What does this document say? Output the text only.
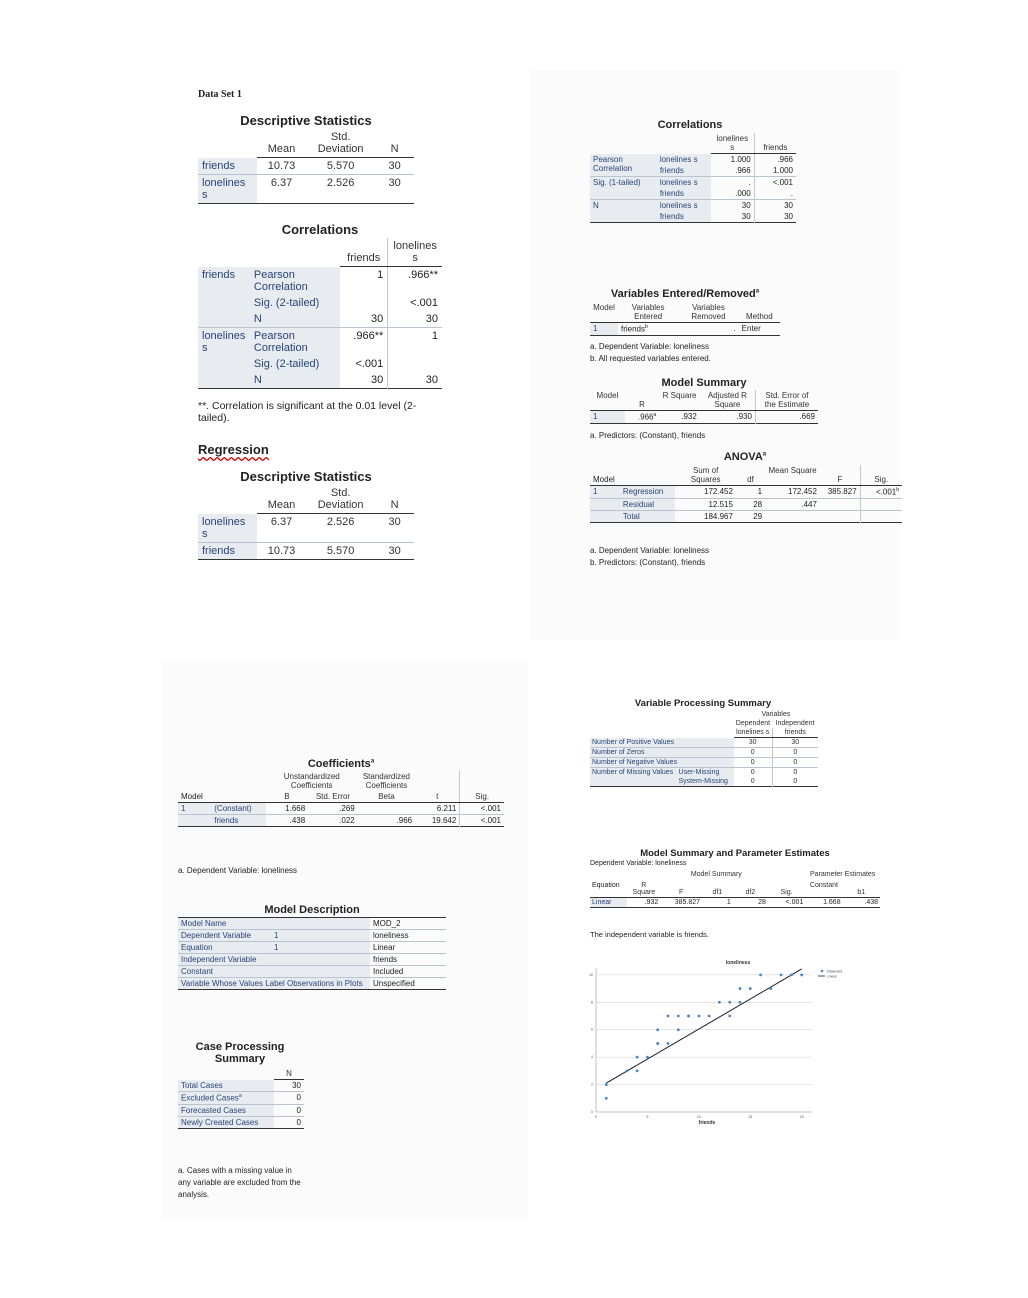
Data Set 1
Descriptive Statistics
	Mean	Std. Deviation	N
friends	10.73	5.570	30
lonelines s	6.37	2.526	30
Correlations
		friends	lonelines s
friends	Pearson Correlation	1	.966**
	Sig. (2-tailed)		<.001
	N	30	30
lonelines s	Pearson Correlation	.966**	1
	Sig. (2-tailed)	<.001	
	N	30	30
**. Correlation is significant at the 0.01 level (2-tailed).
Regression
Descriptive Statistics
	Mean	Std. Deviation	N
lonelines s	6.37	2.526	30
friends	10.73	5.570	30
Correlations
		lonelines s	friends
Pearson Correlation	lonelines s	1.000	.966
	friends	.966	1.000
Sig. (1-tailed)	lonelines s	.	<.001
	friends	.000	.
N	lonelines s	30	30
	friends	30	30
Variables Entered/Removed$^a$
Model	Variables Entered	Variables Removed	Method
1	friends$^b$	.	Enter
a. Dependent Variable: loneliness
b. All requested variables entered.
Model Summary
Model	R	R Square	Adjusted R Square	Std. Error of the Estimate
1	.966$^a$	.932	.930	.669
a. Predictors: (Constant), friends
ANOVA$^a$
Model		Sum of Squares	df	Mean Square	F	Sig.
1	Regression	172.452	1	172.452	385.827	<.001$^b$
	Residual	12.515	28	.447		
	Total	184.967	29			
a. Dependent Variable: loneliness
b. Predictors: (Constant), friends
Coefficients$^a$
		Unstandardized Coefficients		Standardized Coefficients		
Model		B	Std. Error	Beta	t	Sig.
1	(Constant)	1.668	.269		6.211	<.001
	friends	.438	.022	.966	19.642	<.001
a. Dependent Variable: loneliness
Model Description
Model Name		MOD_2
Dependent Variable	1	loneliness
Equation	1	Linear
Independent Variable		friends
Constant		Included
Variable Whose Values Label Observations in Plots		Unspecified
Case Processing Summary
	N
Total Cases	30
Excluded Cases$^a$	0
Forecasted Cases	0
Newly Created Cases	0
a. Cases with a missing value in any variable are excluded from the analysis.
Variable Processing Summary
		Variables	
		Dependent	Independent
		lonelines s	friends
Number of Positive Values		30	30
Number of Zeros		0	0
Number of Negative Values		0	0
Number of Missing Values	User-Missing	0	0
	System-Missing	0	0
Model Summary and Parameter Estimates
Dependent Variable: loneliness
	Model Summary					Parameter Estimates	
Equation	R Square	F	df1	df2	Sig.	Constant	b1
Linear	.932	385.827	1	28	<.001	1.668	.438
The independent variable is friends.
loneliness
0	5	10	15	20
0
2
4
6
8
10
Observed
Linear
friends
